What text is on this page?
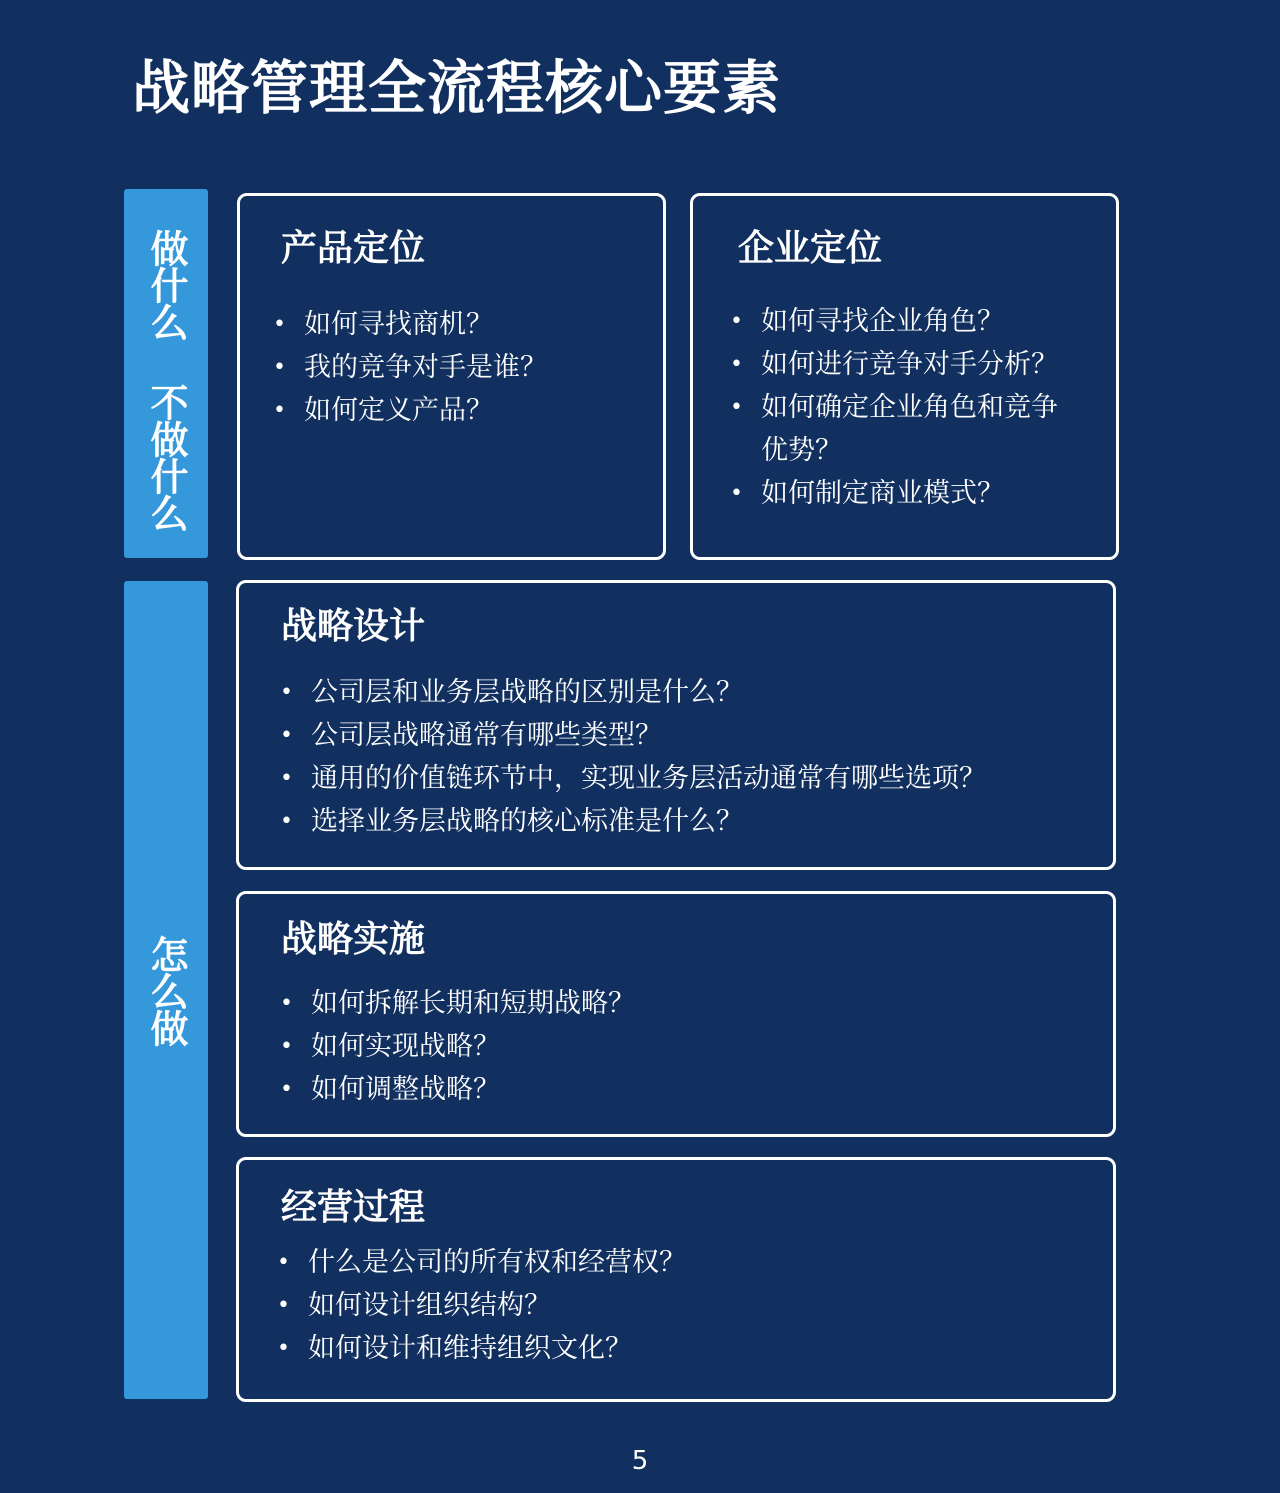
战略管理全流程核心要素
做什么 不做什么
怎么做
产品定位
• 如何寻找商机？
• 我的竞争对手是谁？
• 如何定义产品？
企业定位
• 如何寻找企业角色？
• 如何进行竞争对手分析？
• 如何确定企业角色和竞争优势？
• 如何制定商业模式？
战略设计
• 公司层和业务层战略的区别是什么？
• 公司层战略通常有哪些类型？
• 通用的价值链环节中，实现业务层活动通常有哪些选项？
• 选择业务层战略的核心标准是什么？
战略实施
• 如何拆解长期和短期战略？
• 如何实现战略？
• 如何调整战略？
经营过程
• 什么是公司的所有权和经营权？
• 如何设计组织结构？
• 如何设计和维持组织文化？
5
